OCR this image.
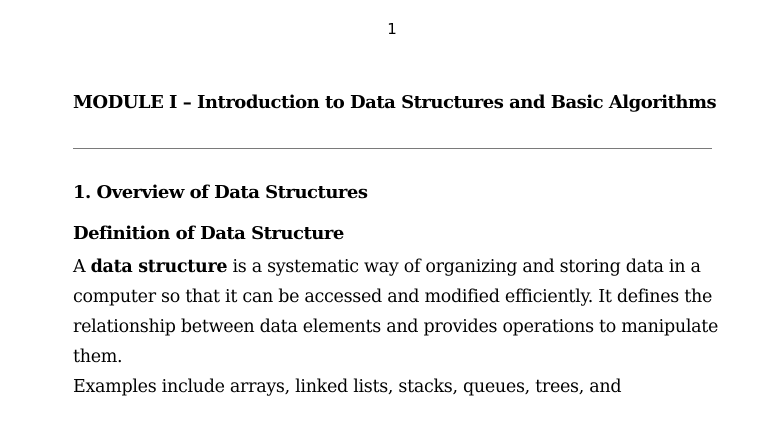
1
MODULE I – Introduction to Data Structures and Basic Algorithms
1. Overview of Data Structures
Definition of Data Structure

A data structure is a systematic way of organizing and storing data in a computer so that it can be accessed and modified efficiently. It defines the relationship between data elements and provides operations to manipulate them.

Examples include arrays, linked lists, stacks, queues, trees, and
